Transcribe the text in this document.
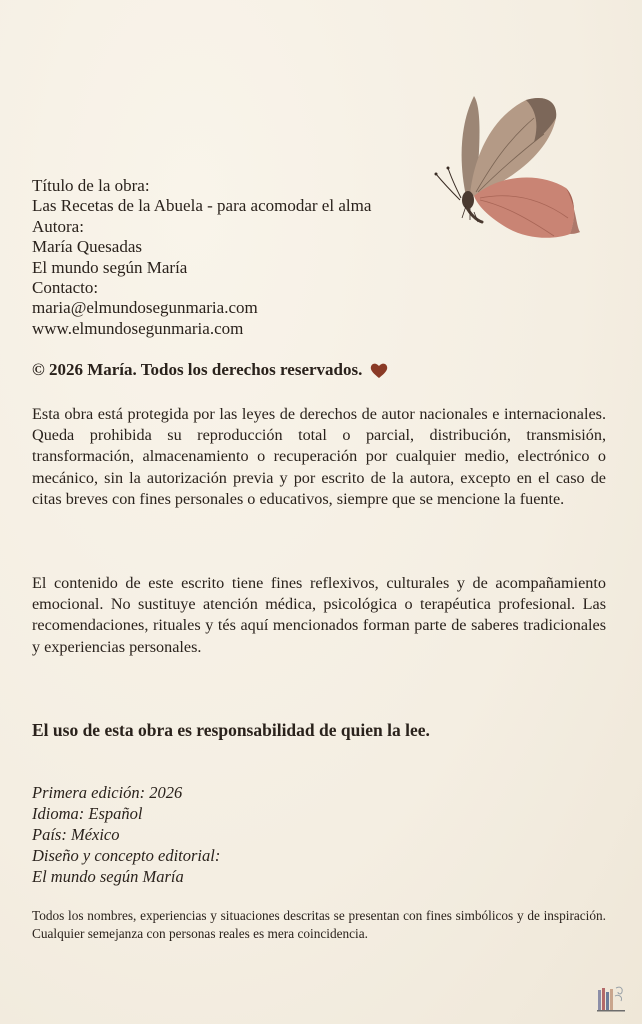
Título de la obra:
Las Recetas de la Abuela - para acomodar el alma
Autora:
María Quesadas
El mundo según María
Contacto:
maria@elmundosegunmaria.com
www.elmundosegunmaria.com
© 2026 María. Todos los derechos reservados.

Esta obra está protegida por las leyes de derechos de autor nacionales e internacionales. Queda prohibida su reproducción total o parcial, distribución, transmisión, transformación, almacenamiento o recuperación por cualquier medio, electrónico o mecánico, sin la autorización previa y por escrito de la autora, excepto en el caso de citas breves con fines personales o educativos, siempre que se mencione la fuente.

El contenido de este escrito tiene fines reflexivos, culturales y de acompañamiento emocional. No sustituye atención médica, psicológica o terapéutica profesional. Las recomendaciones, rituales y tés aquí mencionados forman parte de saberes tradicionales y experiencias personales.

El uso de esta obra es responsabilidad de quien la lee.
Primera edición: 2026
Idioma: Español
País: México
Diseño y concepto editorial:
El mundo según María

Todos los nombres, experiencias y situaciones descritas se presentan con fines simbólicos y de inspiración. Cualquier semejanza con personas reales es mera coincidencia.
